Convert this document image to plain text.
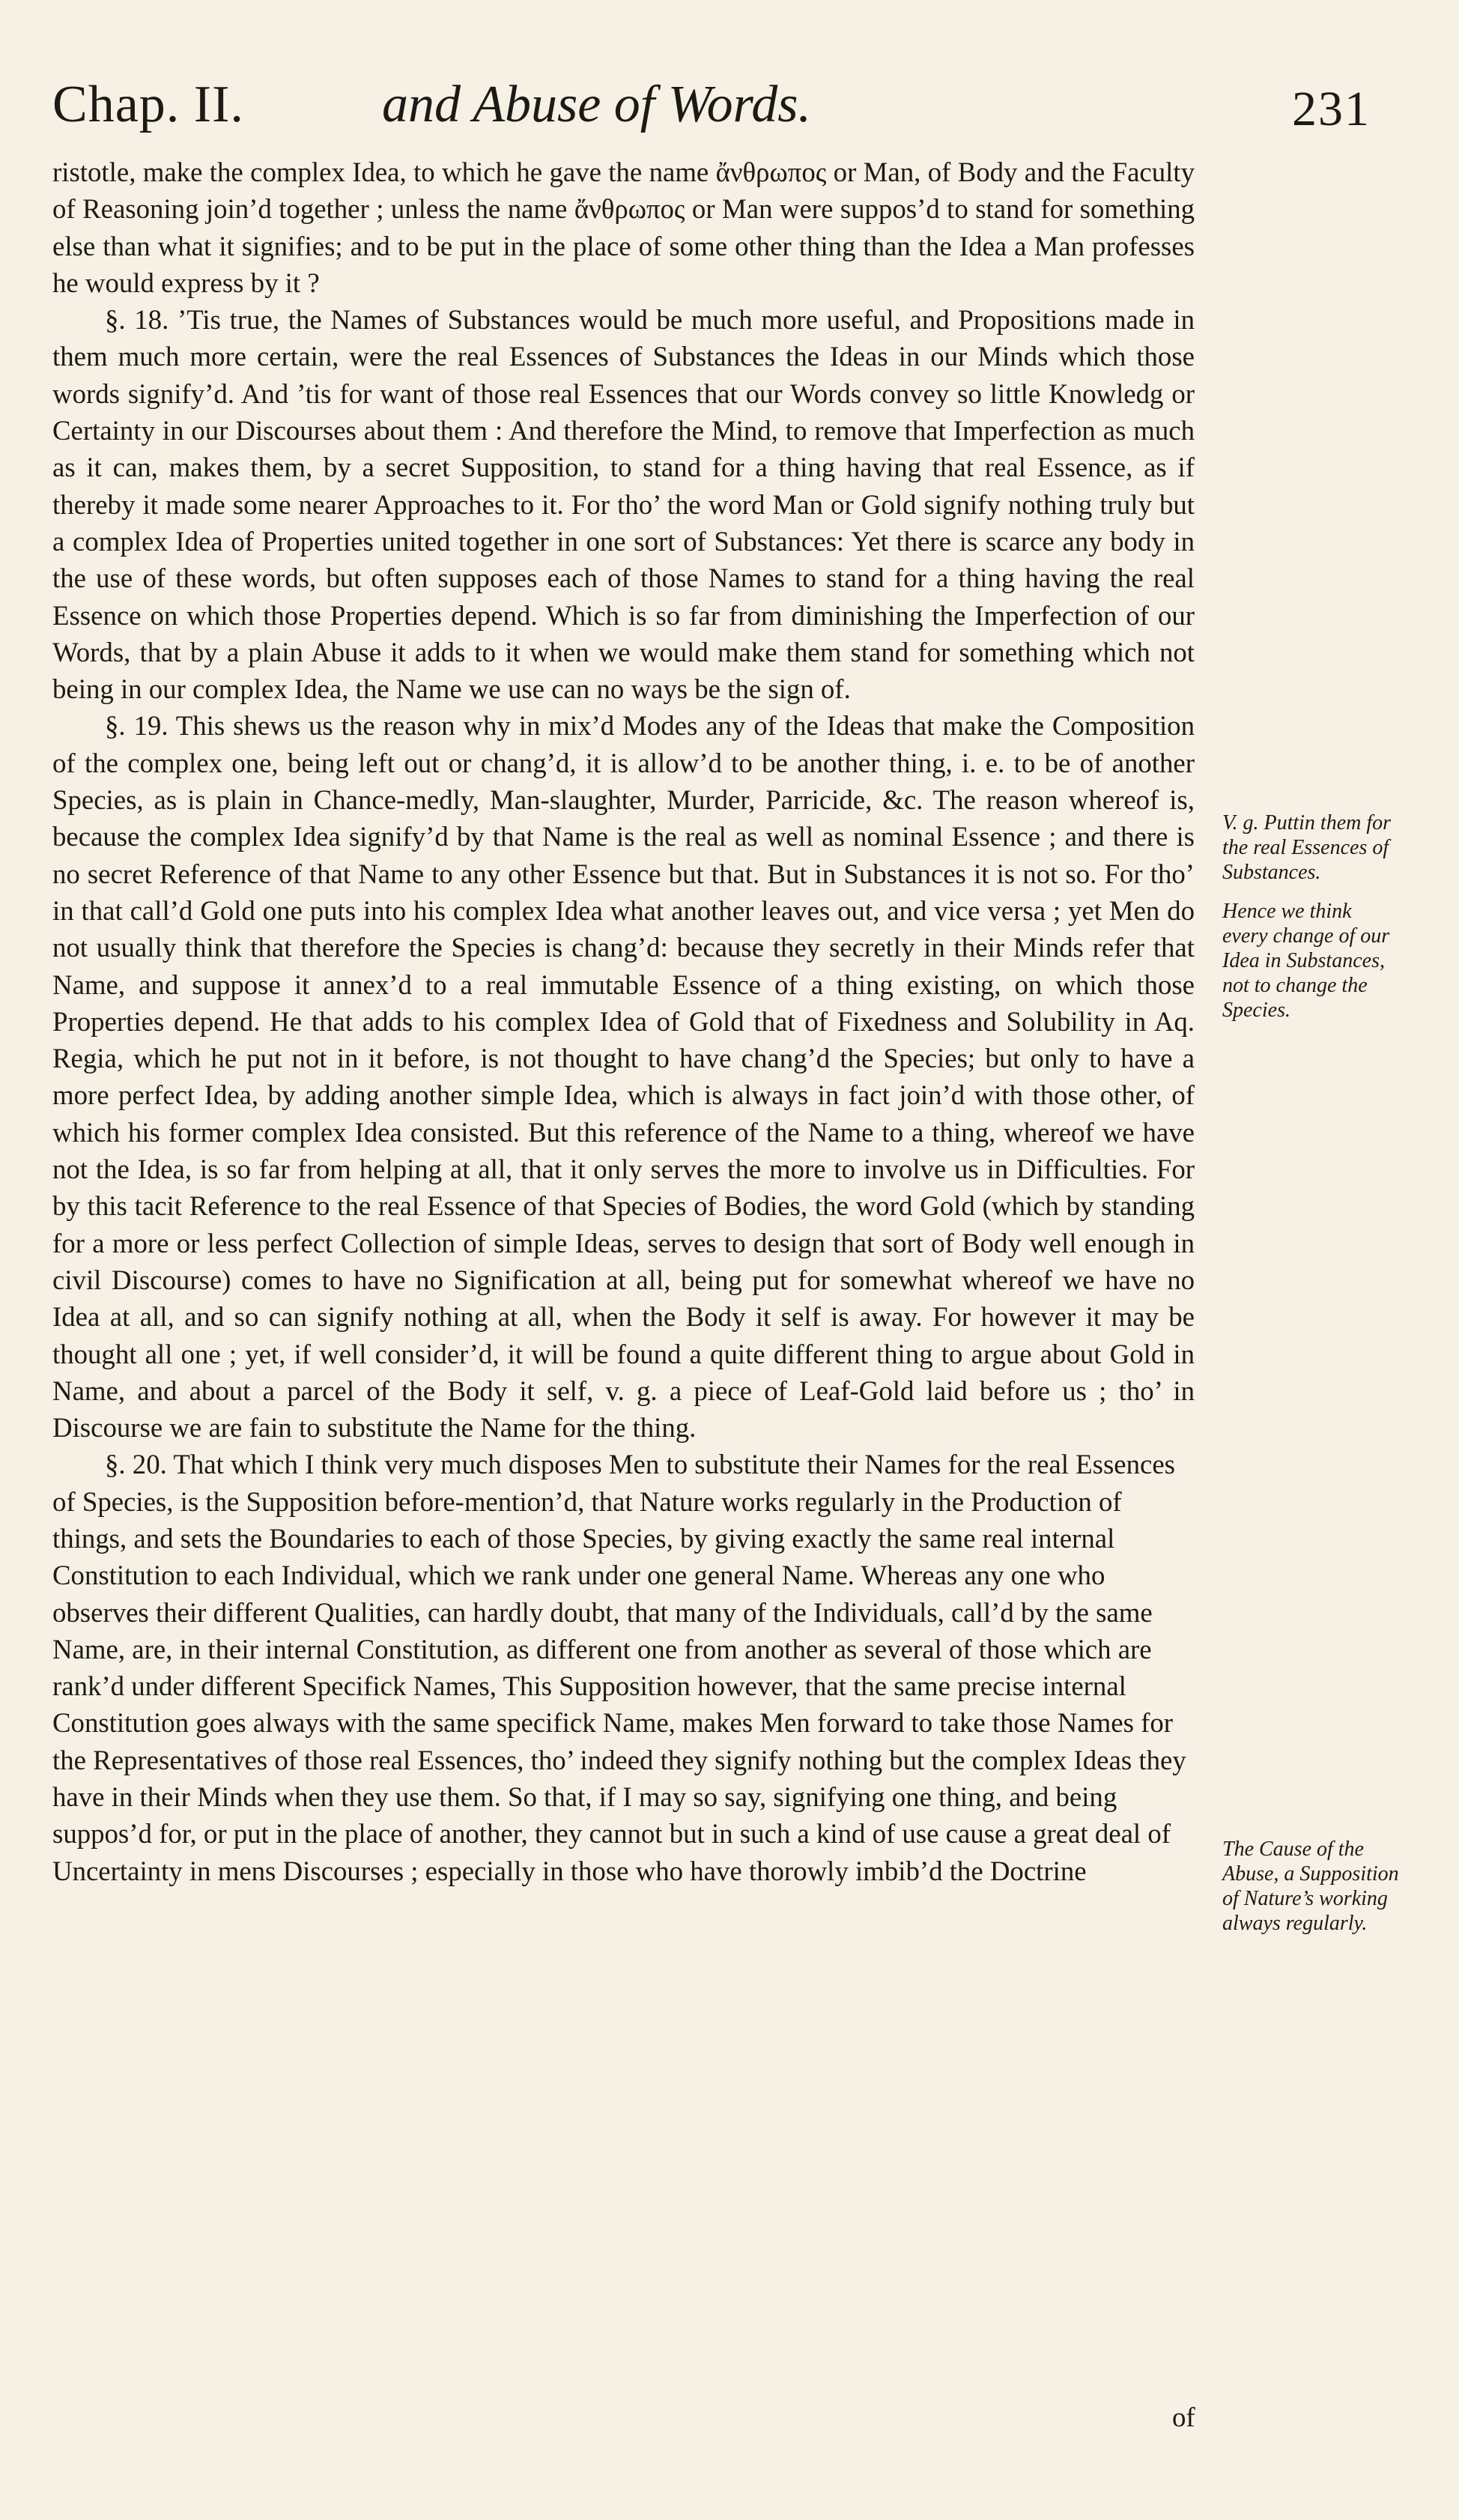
Chap. II.	and Abuse of Words.	231

ristotle, make the complex Idea, to which he gave the name ἄνθρωπος or Man, of Body and the Faculty of Reasoning join’d together ; unless the name ἄνθρωπος or Man were suppos’d to stand for something else than what it signifies; and to be put in the place of some other thing than the Idea a Man professes he would express by it ?

§. 18. ’Tis true, the Names of Substances would be much more useful, and Propositions made in them much more certain, were the real Essences of Substances the Ideas in our Minds which those words signify’d. And ’tis for want of those real Essences that our Words convey so little Knowledg or Certainty in our Discourses about them : And therefore the Mind, to remove that Imperfection as much as it can, makes them, by a secret Supposition, to stand for a thing having that real Essence, as if thereby it made some nearer Approaches to it. For tho’ the word Man or Gold signify nothing truly but a complex Idea of Properties united together in one sort of Substances: Yet there is scarce any body in the use of these words, but often supposes each of those Names to stand for a thing having the real Essence on which those Properties depend. Which is so far from diminishing the Imperfection of our Words, that by a plain Abuse it adds to it when we would make them stand for something which not being in our complex Idea, the Name we use can no ways be the sign of.

§. 19. This shews us the reason why in mix’d Modes any of the Ideas that make the Composition of the complex one, being left out or chang’d, it is allow’d to be another thing, i. e. to be of another Species, as is plain in Chance-medly, Man-slaughter, Murder, Parricide, &c. The reason whereof is, because the complex Idea signify’d by that Name is the real as well as nominal Essence ; and there is no secret Reference of that Name to any other Essence but that. But in Substances it is not so. For tho’ in that call’d Gold one puts into his complex Idea what another leaves out, and vice versa ; yet Men do not usually think that therefore the Species is chang’d: because they secretly in their Minds refer that Name, and suppose it annex’d to a real immutable Essence of a thing existing, on which those Properties depend. He that adds to his complex Idea of Gold that of Fixedness and Solubility in Aq. Regia, which he put not in it before, is not thought to have chang’d the Species; but only to have a more perfect Idea, by adding another simple Idea, which is always in fact join’d with those other, of which his former complex Idea consisted. But this reference of the Name to a thing, whereof we have not the Idea, is so far from helping at all, that it only serves the more to involve us in Difficulties. For by this tacit Reference to the real Essence of that Species of Bodies, the word Gold (which by standing for a more or less perfect Collection of simple Ideas, serves to design that sort of Body well enough in civil Discourse) comes to have no Signification at all, being put for somewhat whereof we have no Idea at all, and so can signify nothing at all, when the Body it self is away. For however it may be thought all one ; yet, if well consider’d, it will be found a quite different thing to argue about Gold in Name, and about a parcel of the Body it self, v. g. a piece of Leaf-Gold laid before us ; tho’ in Discourse we are fain to substitute the Name for the thing.

§. 20. That which I think very much disposes Men to substitute their Names for the real Essences of Species, is the Supposition before-mention’d, that Nature works regularly in the Production of things, and sets the Boundaries to each of those Species, by giving exactly the same real internal Constitution to each Individual, which we rank under one general Name. Whereas any one who observes their different Qualities, can hardly doubt, that many of the Individuals, call’d by the same Name, are, in their internal Constitution, as different one from another as several of those which are rank’d under different Specifick Names, This Supposition however, that the same precise internal Constitution goes always with the same specifick Name, makes Men forward to take those Names for the Representatives of those real Essences, tho’ indeed they signify nothing but the complex Ideas they have in their Minds when they use them. So that, if I may so say, signifying one thing, and being suppos’d for, or put in the place of another, they cannot but in such a kind of use cause a great deal of Uncertainty in mens Discourses ; especially in those who have thorowly imbib’d the Doctrine

of
V. g. Puttin them for the real Essences of Substances.
Hence we think every change of our Idea in Substances, not to change the Species.
The Cause of the Abuse, a Supposition of Nature’s working always regularly.
